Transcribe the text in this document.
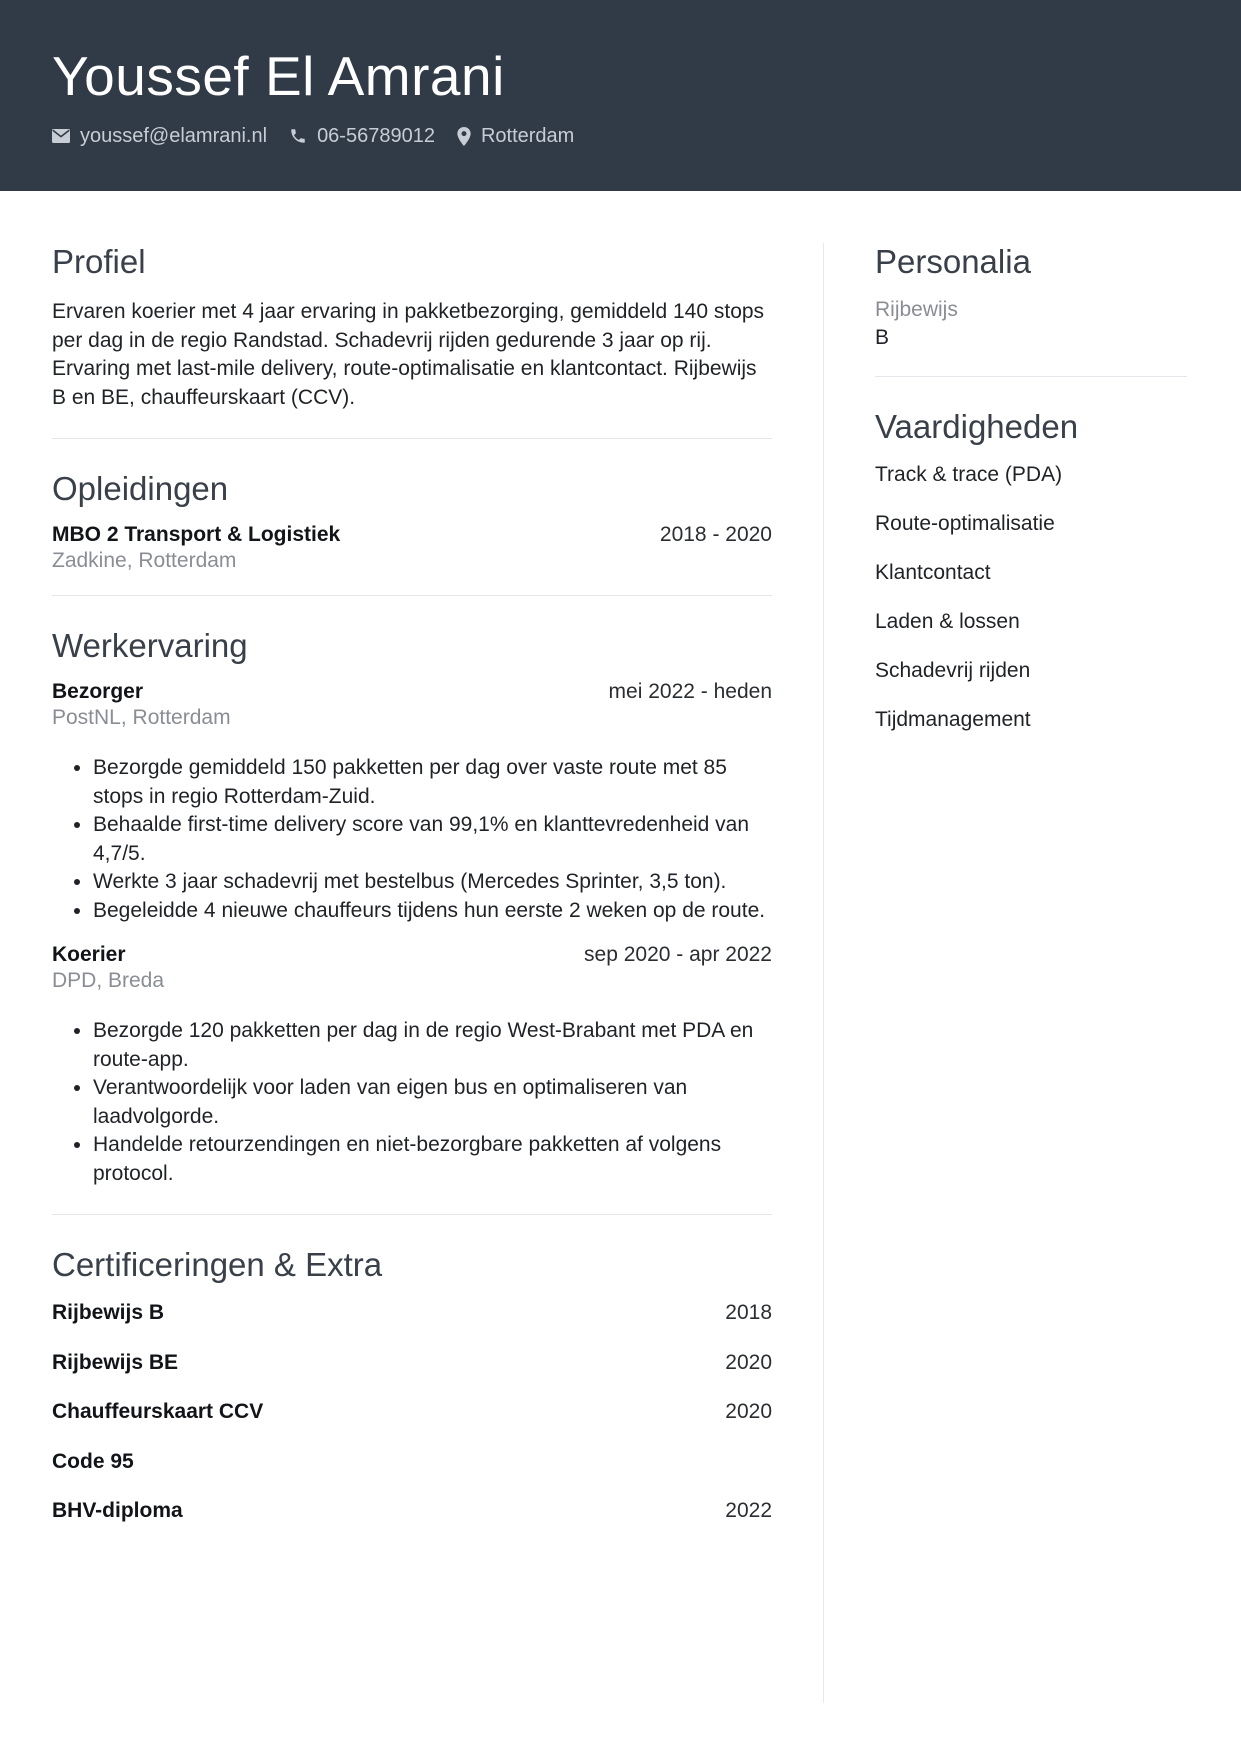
Youssef El Amrani
youssef@elamrani.nl	06-56789012 Rotterdam
Profiel

Ervaren koerier met 4 jaar ervaring in pakketbezorging, gemiddeld 140 stops per dag in de regio Randstad. Schadevrij rijden gedurende 3 jaar op rij. Ervaring met last-mile delivery, route-optimalisatie en klantcontact. Rijbewijs B en BE, chauffeurskaart (CCV).

Opleidingen
MBO 2 Transport & Logistiek	2018 - 2020
Zadkine, Rotterdam
Werkervaring
Bezorger	mei 2022 - heden
PostNL, Rotterdam
• Bezorgde gemiddeld 150 pakketten per dag over vaste route met 85 stops in regio Rotterdam-Zuid.
• Behaalde first-time delivery score van 99,1% en klanttevredenheid van 4,7/5.
• Werkte 3 jaar schadevrij met bestelbus (Mercedes Sprinter, 3,5 ton).
• Begeleidde 4 nieuwe chauffeurs tijdens hun eerste 2 weken op de route.
Koerier	sep 2020 - apr 2022
DPD, Breda
• Bezorgde 120 pakketten per dag in de regio West-Brabant met PDA en route-app.
• Verantwoordelijk voor laden van eigen bus en optimaliseren van laadvolgorde.
• Handelde retourzendingen en niet-bezorgbare pakketten af volgens protocol.
Certificeringen & Extra
Rijbewijs B	2018
Rijbewijs BE	2020
Chauffeurskaart CCV	2020
Code 95
BHV-diploma	2022
Personalia
Rijbewijs
B
Vaardigheden
Track & trace (PDA)
Route-optimalisatie
Klantcontact
Laden & lossen
Schadevrij rijden
Tijdmanagement
